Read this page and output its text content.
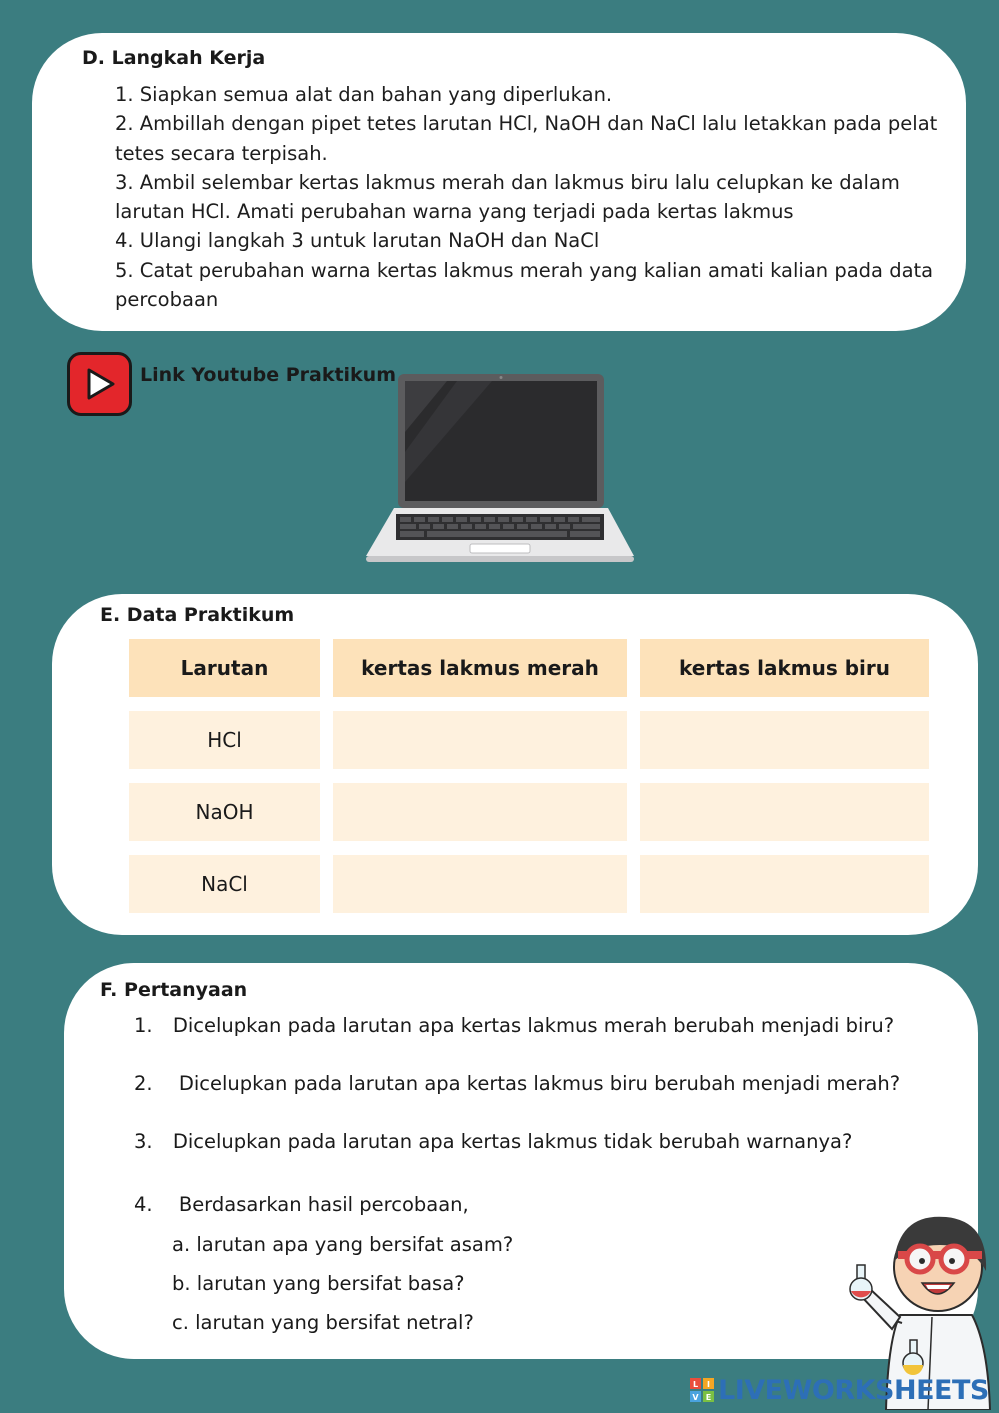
D. Langkah Kerja

1. Siapkan semua alat dan bahan yang diperlukan.

2. Ambillah dengan pipet tetes larutan HCl, NaOH dan NaCl lalu letakkan pada pelat tetes secara terpisah.

3. Ambil selembar kertas lakmus merah dan lakmus biru lalu celupkan ke dalam larutan HCl. Amati perubahan warna yang terjadi pada kertas lakmus

4. Ulangi langkah 3 untuk larutan NaOH dan NaCl

5. Catat perubahan warna kertas lakmus merah yang kalian amati kalian pada data percobaan

Link Youtube Praktikum
E. Data Praktikum
Larutan	kertas lakmus merah	kertas lakmus biru
HCl
NaOH
NaCl
F. Pertanyaan
1. Dicelupkan pada larutan apa kertas lakmus merah berubah menjadi biru?
2. Dicelupkan pada larutan apa kertas lakmus biru berubah menjadi merah?
3. Dicelupkan pada larutan apa kertas lakmus tidak berubah warnanya?
4. Berdasarkan hasil percobaan,
a. larutan apa yang bersifat asam?
b. larutan yang bersifat basa?
c. larutan yang bersifat netral?
L I
V E LIVEWORKSHEETS
